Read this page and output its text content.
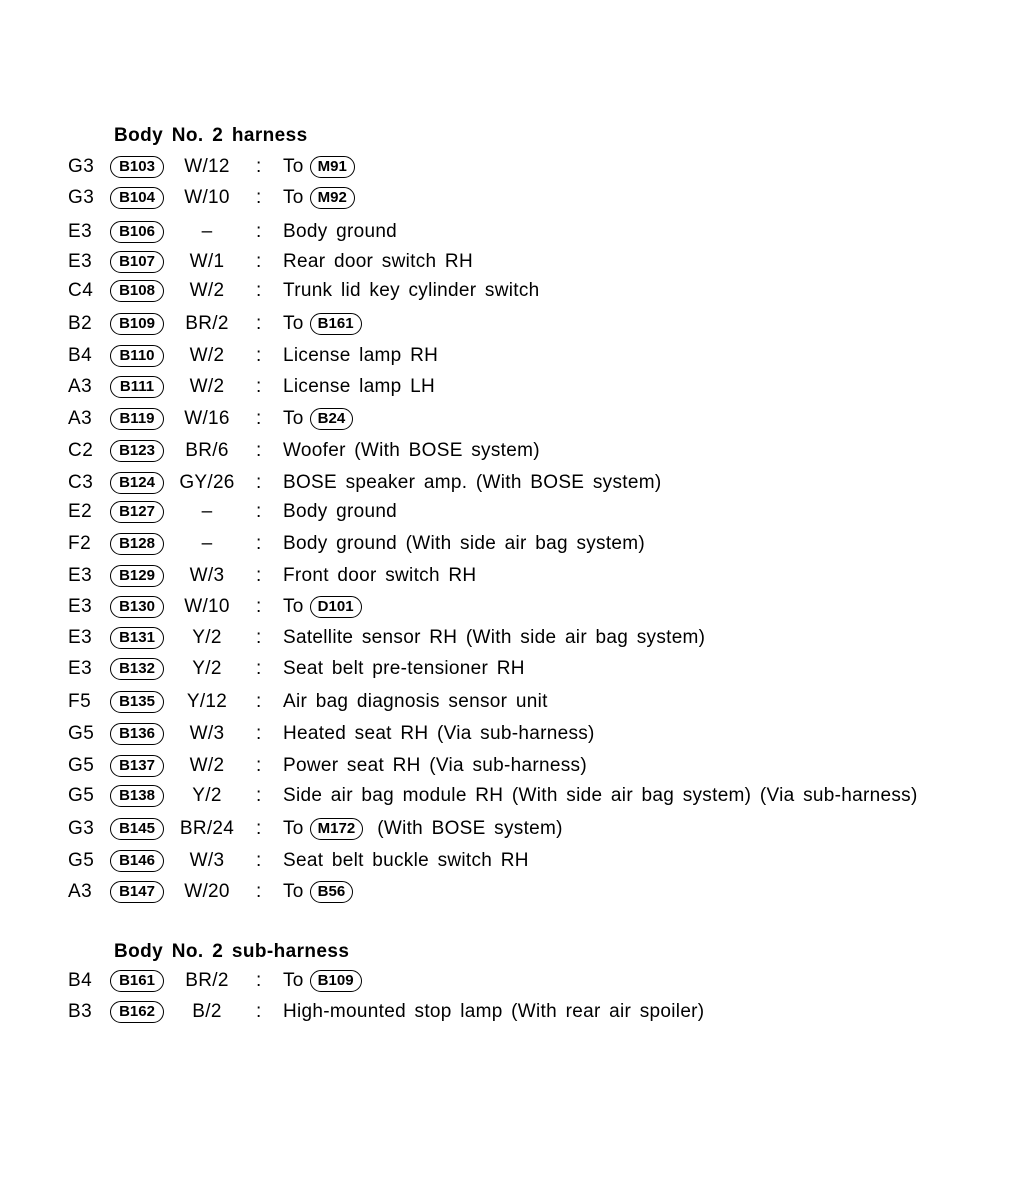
Body No. 2 harness
G3	B103	W/12	: To M91
G3	B104	W/10	: To M92
E3	B106	–	: Body ground
E3	B107	W/1	: Rear door switch RH
C4	B108	W/2	: Trunk lid key cylinder switch
B2	B109	BR/2	: To B161
B4	B110	W/2	: License lamp RH
A3	B111	W/2	: License lamp LH
A3	B119	W/16	: To B24
C2	B123	BR/6	: Woofer (With BOSE system)
C3	B124	GY/26	: BOSE speaker amp. (With BOSE system)
E2	B127	–	: Body ground
F2	B128	–	: Body ground (With side air bag system)
E3	B129	W/3	: Front door switch RH
E3	B130	W/10	: To D101
E3	B131	Y/2	: Satellite sensor RH (With side air bag system)
E3	B132	Y/2	: Seat belt pre-tensioner RH
F5	B135	Y/12	: Air bag diagnosis sensor unit
G5	B136	W/3	: Heated seat RH (Via sub-harness)
G5	B137	W/2	: Power seat RH (Via sub-harness)
G5	B138	Y/2	: Side air bag module RH (With side air bag system) (Via sub-harness)
G3	B145	BR/24	: To M172 (With BOSE system)
G5	B146	W/3	: Seat belt buckle switch RH
A3	B147	W/20	: To B56
Body No. 2 sub-harness
B4	B161	BR/2	: To B109
B3	B162	B/2	: High-mounted stop lamp (With rear air spoiler)
